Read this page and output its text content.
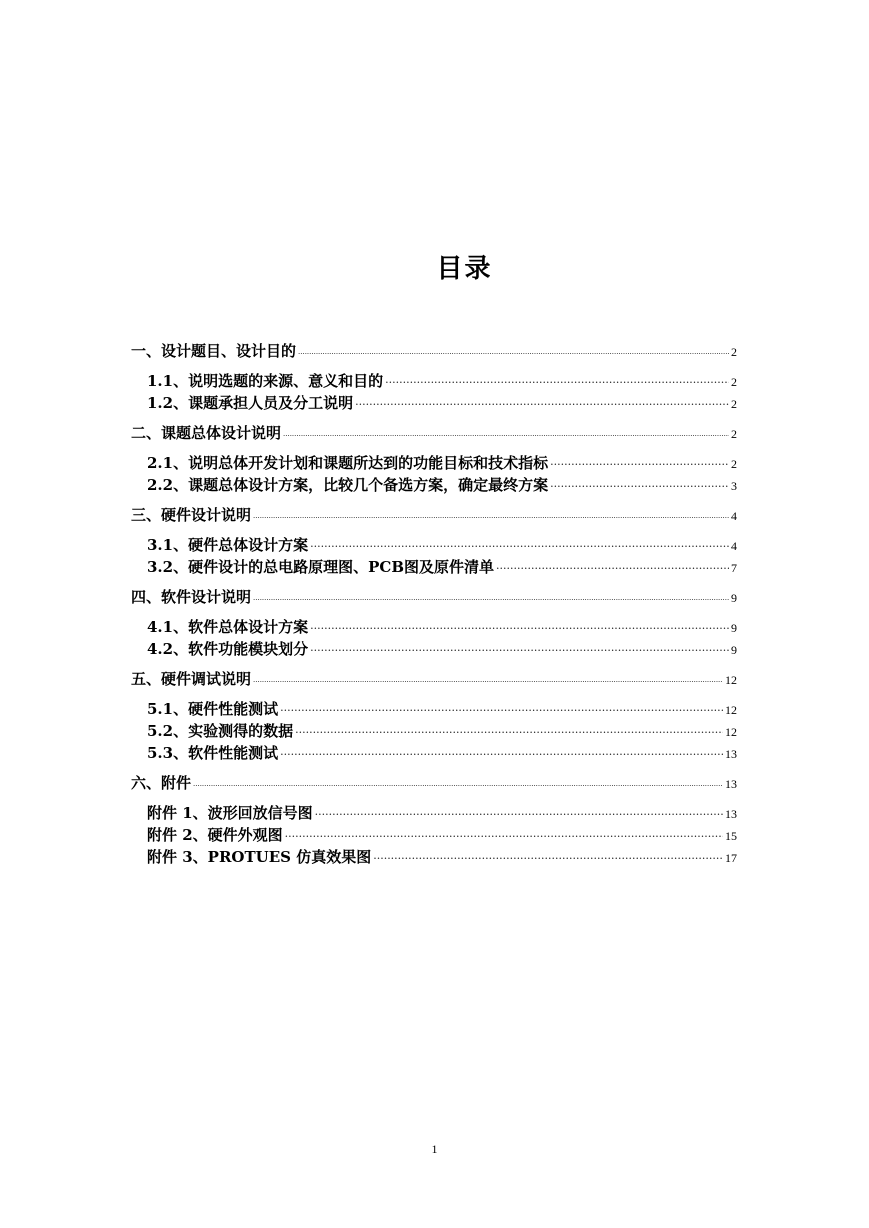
目录
一、设计题目、设计目的 ·····	2
1.1、说明选题的来源、意义和目的 ·····	2
1.2、课题承担人员及分工说明 ·····	2
二、课题总体设计说明 ·····	2
2.1、说明总体开发计划和课题所达到的功能目标和技术指标 ·····	2
2.2、课题总体设计方案，比较几个备选方案，确定最终方案 ·····	3
三、硬件设计说明 ·····	4
3.1、硬件总体设计方案 ·····	4
3.2、硬件设计的总电路原理图、PCB图及原件清单 ·····	7
四、软件设计说明 ·····	9
4.1、软件总体设计方案 ·····	9
4.2、软件功能模块划分 ·····	9
五、硬件调试说明 ·····	12
5.1、硬件性能测试 ·····	12
5.2、实验测得的数据 ·····	12
5.3、软件性能测试 ·····	13
六、附件 ·····	13
附件 1、波形回放信号图 ·····	13
附件 2、硬件外观图 ·····	15
附件 3、PROTUES 仿真效果图 ·····	17
1
